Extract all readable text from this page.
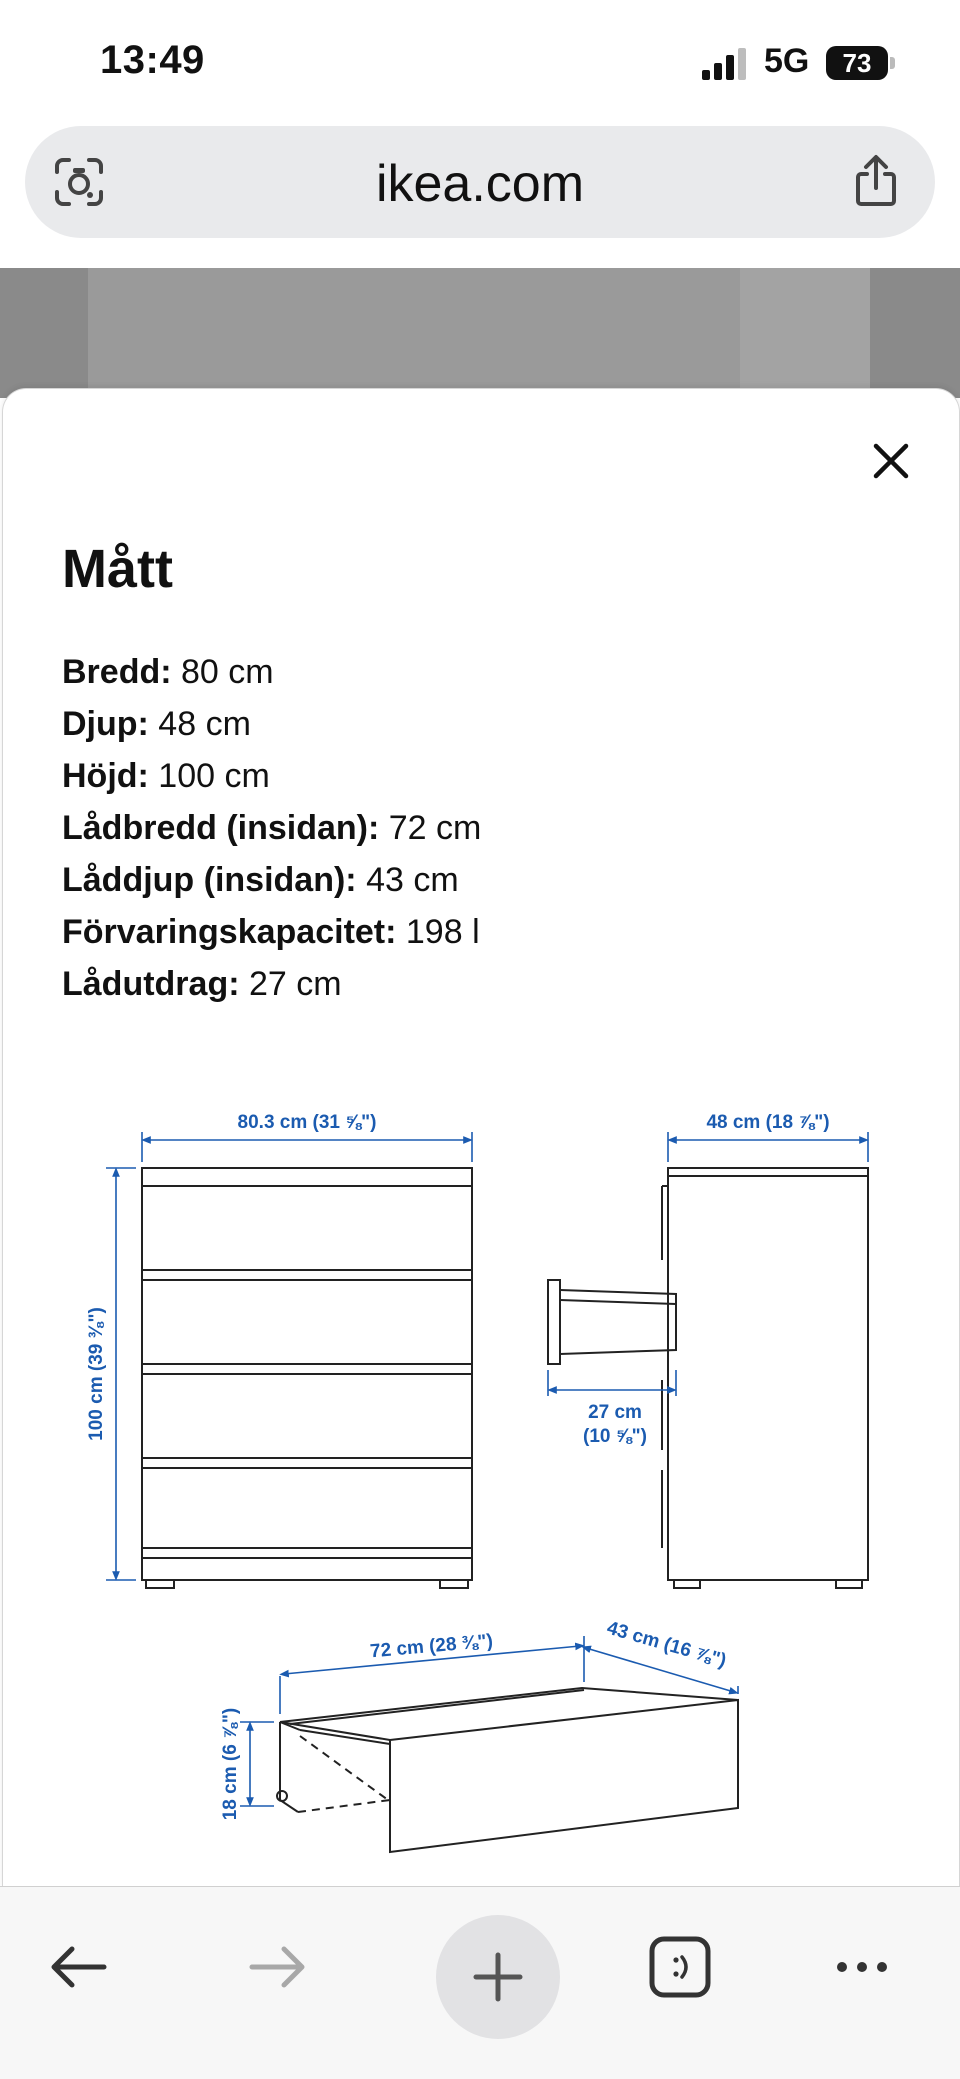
13:49	5G	73
ikea.com
Mått
Bredd: 80 cm
Djup: 48 cm
Höjd: 100 cm
Lådbredd (insidan): 72 cm
Låddjup (insidan): 43 cm
Förvaringskapacitet: 198 l
Lådutdrag: 27 cm
80.3 cm (31 ⅝")
100 cm (39 ⅜")
48 cm (18 ⅞")
27 cm
(10 ⅝")
72 cm (28 ⅜")	43 cm (16 ⅞")
18 cm (6 ⅞")
